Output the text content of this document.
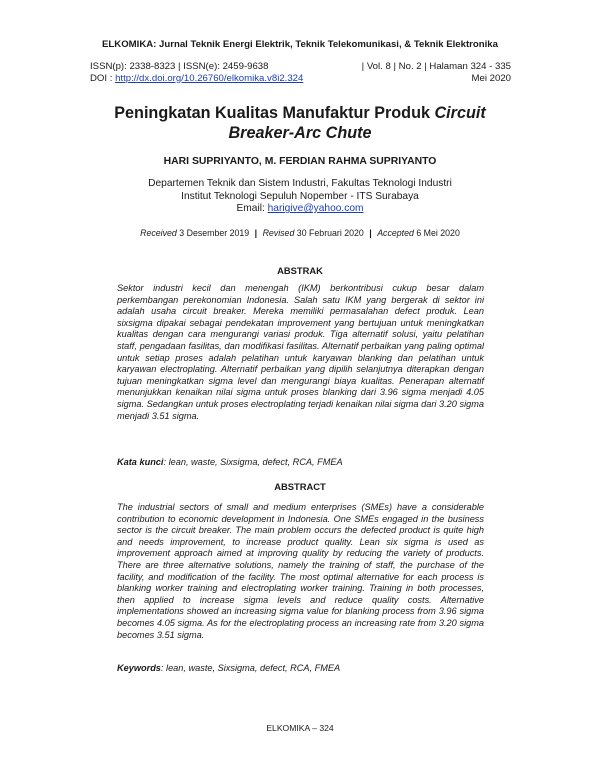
ELKOMIKA: Jurnal Teknik Energi Elektrik, Teknik Telekomunikasi, & Teknik Elektronika
ISSN(p): 2338-8323 | ISSN(e): 2459-9638
DOI : http://dx.doi.org/10.26760/elkomika.v8i2.324
| Vol. 8 | No. 2 | Halaman 324 - 335
Mei 2020
Peningkatan Kualitas Manufaktur Produk Circuit
Breaker-Arc Chute
HARI SUPRIYANTO, M. FERDIAN RAHMA SUPRIYANTO
Departemen Teknik dan Sistem Industri, Fakultas Teknologi Industri
Institut Teknologi Sepuluh Nopember - ITS Surabaya
Email: harigive@yahoo.com
Received 3 Desember 2019 | Revised 30 Februari 2020 | Accepted 6 Mei 2020
ABSTRAK

Sektor industri kecil dan menengah (IKM) berkontribusi cukup besar dalam perkembangan perekonomian Indonesia. Salah satu IKM yang bergerak di sektor ini adalah usaha circuit breaker. Mereka memiliki permasalahan defect produk. Lean sixsigma dipakai sebagai pendekatan improvement yang bertujuan untuk meningkatkan kualitas dengan cara mengurangi variasi produk. Tiga alternatif solusi, yaitu pelatihan staff, pengadaan fasilitas, dan modifikasi fasilitas. Alternatif perbaikan yang paling optimal untuk setiap proses adalah pelatihan untuk karyawan blanking dan pelatihan untuk karyawan electroplating. Alternatif perbaikan yang dipilih selanjutnya diterapkan dengan tujuan meningkatkan sigma level dan mengurangi biaya kualitas. Penerapan alternatif menunjukkan kenaikan nilai sigma untuk proses blanking dari 3.96 sigma menjadi 4.05 sigma. Sedangkan untuk proses electroplating terjadi kenaikan nilai sigma dari 3.20 sigma menjadi 3.51 sigma.

Kata kunci: lean, waste, Sixsigma, defect, RCA, FMEA
ABSTRACT

The industrial sectors of small and medium enterprises (SMEs) have a considerable contribution to economic development in Indonesia. One SMEs engaged in the business sector is the circuit breaker. The main problem occurs the defected product is quite high and needs improvement, to increase product quality. Lean six sigma is used as improvement approach aimed at improving quality by reducing the variety of products. There are three alternative solutions, namely the training of staff, the purchase of the facility, and modification of the facility. The most optimal alternative for each process is blanking worker training and electroplating worker training. Training in both processes, then applied to increase sigma levels and reduce quality costs. Alternative implementations showed an increasing sigma value for blanking process from 3.96 sigma becomes 4.05 sigma. As for the electroplating process an increasing rate from 3.20 sigma becomes 3.51 sigma.

Keywords: lean, waste, Sixsigma, defect, RCA, FMEA
ELKOMIKA – 324
